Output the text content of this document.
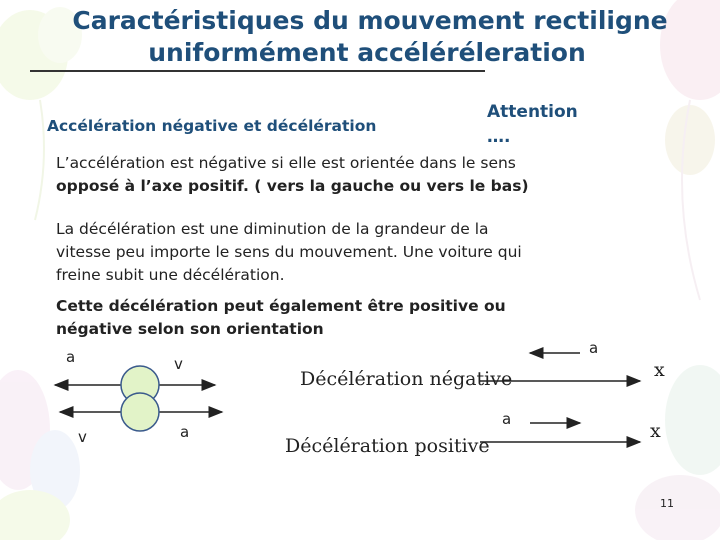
Caractéristiques du mouvement rectiligne
uniformément accéléréleration
Accélération négative et décélération
Attention
….
L’accélération est négative si elle est orientée dans le sens
opposé à l’axe positif. ( vers la gauche ou vers le bas)
La décélération est une diminution de la grandeur de la
vitesse peu importe le sens du mouvement. Une voiture qui
freine subit une décélération.
Cette décélération peut également être positive ou
négative selon son orientation
a	v
Décélération négative
a
x
v	a
Décélération positive
a
x
11
